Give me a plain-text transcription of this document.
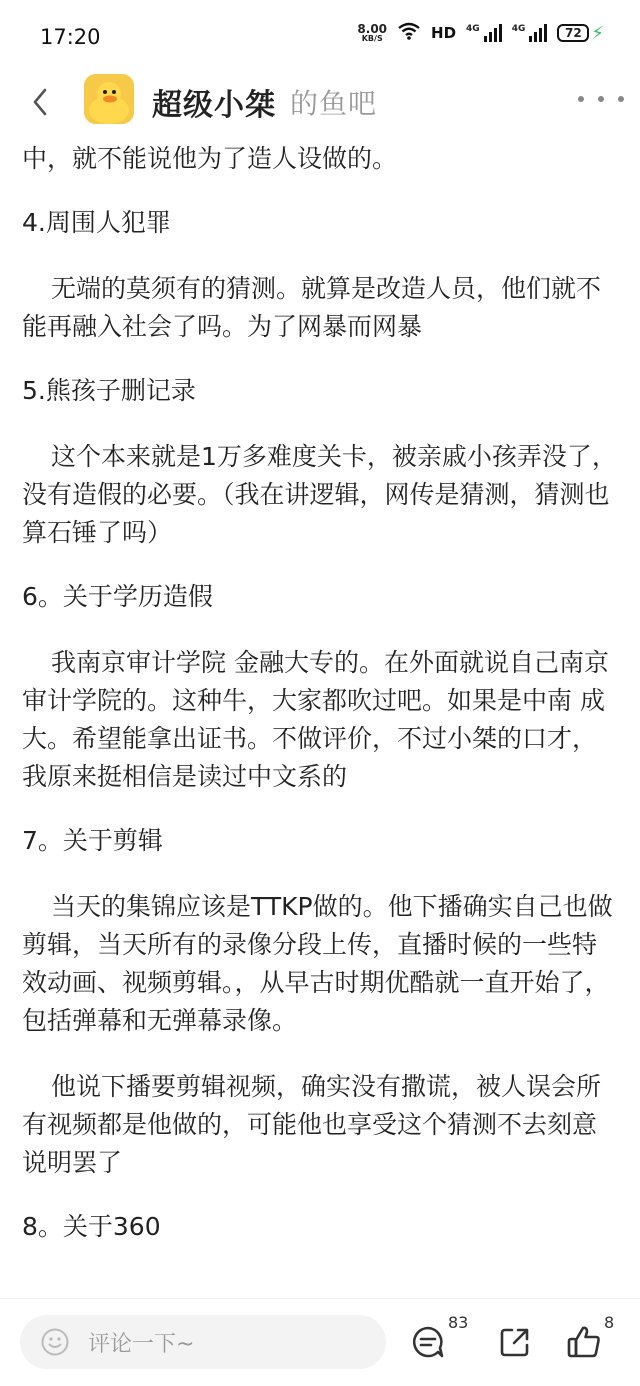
17:20	8.00
KB/S	HD 4G	4G	72 ⚡
超级小桀 的鱼吧

中，就不能说他为了造人设做的。

4.周围人犯罪

无端的莫须有的猜测。就算是改造人员，他们就不能再融入社会了吗。为了网暴而网暴

5.熊孩子删记录

这个本来就是1万多难度关卡，被亲戚小孩弄没了，没有造假的必要。（我在讲逻辑，网传是猜测，猜测也算石锤了吗）

6。关于学历造假

我南京审计学院 金融大专的。在外面就说自己南京审计学院的。这种牛，大家都吹过吧。如果是中南 成大。希望能拿出证书。不做评价，不过小桀的口才，我原来挺相信是读过中文系的

7。关于剪辑

当天的集锦应该是TTKP做的。他下播确实自己也做剪辑，当天所有的录像分段上传，直播时候的一些特效动画、视频剪辑。，从早古时期优酷就一直开始了，包括弹幕和无弹幕录像。

他说下播要剪辑视频，确实没有撒谎，被人误会所有视频都是他做的，可能他也享受这个猜测不去刻意说明罢了

8。关于360

评论一下~
83	8
